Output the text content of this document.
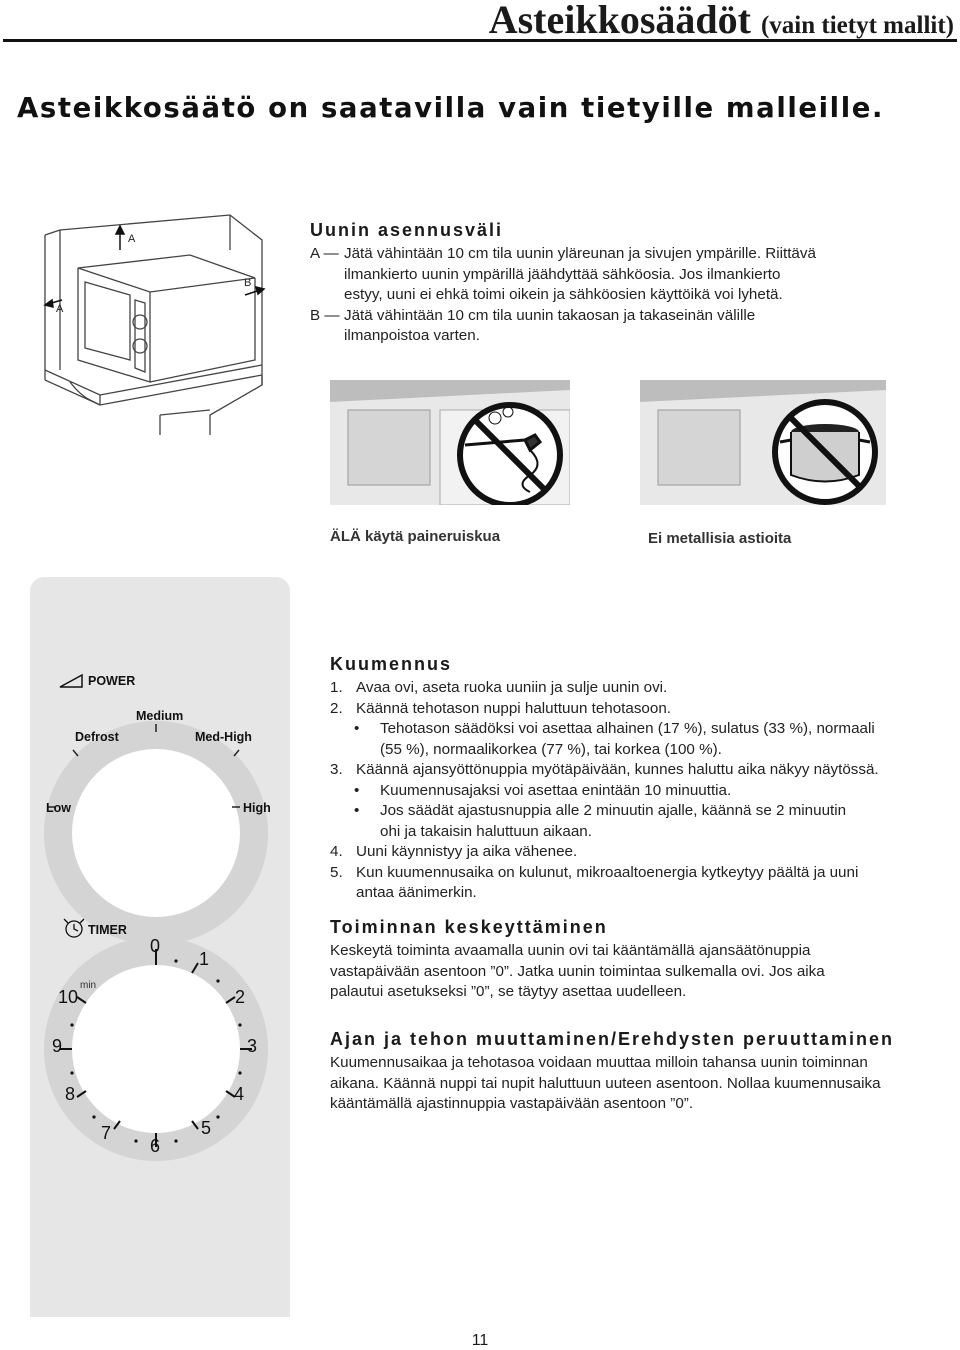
Asteikkosäädöt (vain tietyt mallit)
Asteikkosäätö on saatavilla vain tietyille malleille.
A
A
B
Uunin asennusväli
A — Jätä vähintään 10 cm tila uunin yläreunan ja sivujen ympärille. Riittävä
ilmankierto uunin ympärillä jäähdyttää sähköosia. Jos ilmankierto
estyy, uuni ei ehkä toimi oikein ja sähköosien käyttöikä voi lyhetä.
B — Jätä vähintään 10 cm tila uunin takaosan ja takaseinän välille
ilmanpoistoa varten.
ÄLÄ käytä paineruiskua	Ei metallisia astioita
POWER
Medium
Defrost	Med-High
Low	High
TIMER
0
1
2
3
4
5
6
7
8
9
10
min
Kuumennus
1. Avaa ovi, aseta ruoka uuniin ja sulje uunin ovi.
2. Käännä tehotason nuppi haluttuun tehotasoon.
• Tehotason säädöksi voi asettaa alhainen (17 %), sulatus (33 %), normaali
(55 %), normaalikorkea (77 %), tai korkea (100 %).
3. Käännä ajansyöttönuppia myötäpäivään, kunnes haluttu aika näkyy näytössä.
• Kuumennusajaksi voi asettaa enintään 10 minuuttia.
• Jos säädät ajastusnuppia alle 2 minuutin ajalle, käännä se 2 minuutin
ohi ja takaisin haluttuun aikaan.
4. Uuni käynnistyy ja aika vähenee.
5. Kun kuumennusaika on kulunut, mikroaaltoenergia kytkeytyy päältä ja uuni
antaa äänimerkin.
Toiminnan keskeyttäminen
Keskeytä toiminta avaamalla uunin ovi tai kääntämällä ajansäätönuppia
vastapäivään asentoon ”0”. Jatka uunin toimintaa sulkemalla ovi. Jos aika
palautui asetukseksi ”0”, se täytyy asettaa uudelleen.
Ajan ja tehon muuttaminen/Erehdysten peruuttaminen
Kuumennusaikaa ja tehotasoa voidaan muuttaa milloin tahansa uunin toiminnan
aikana. Käännä nuppi tai nupit haluttuun uuteen asentoon. Nollaa kuumennusaika
kääntämällä ajastinnuppia vastapäivään asentoon ”0”.
11
